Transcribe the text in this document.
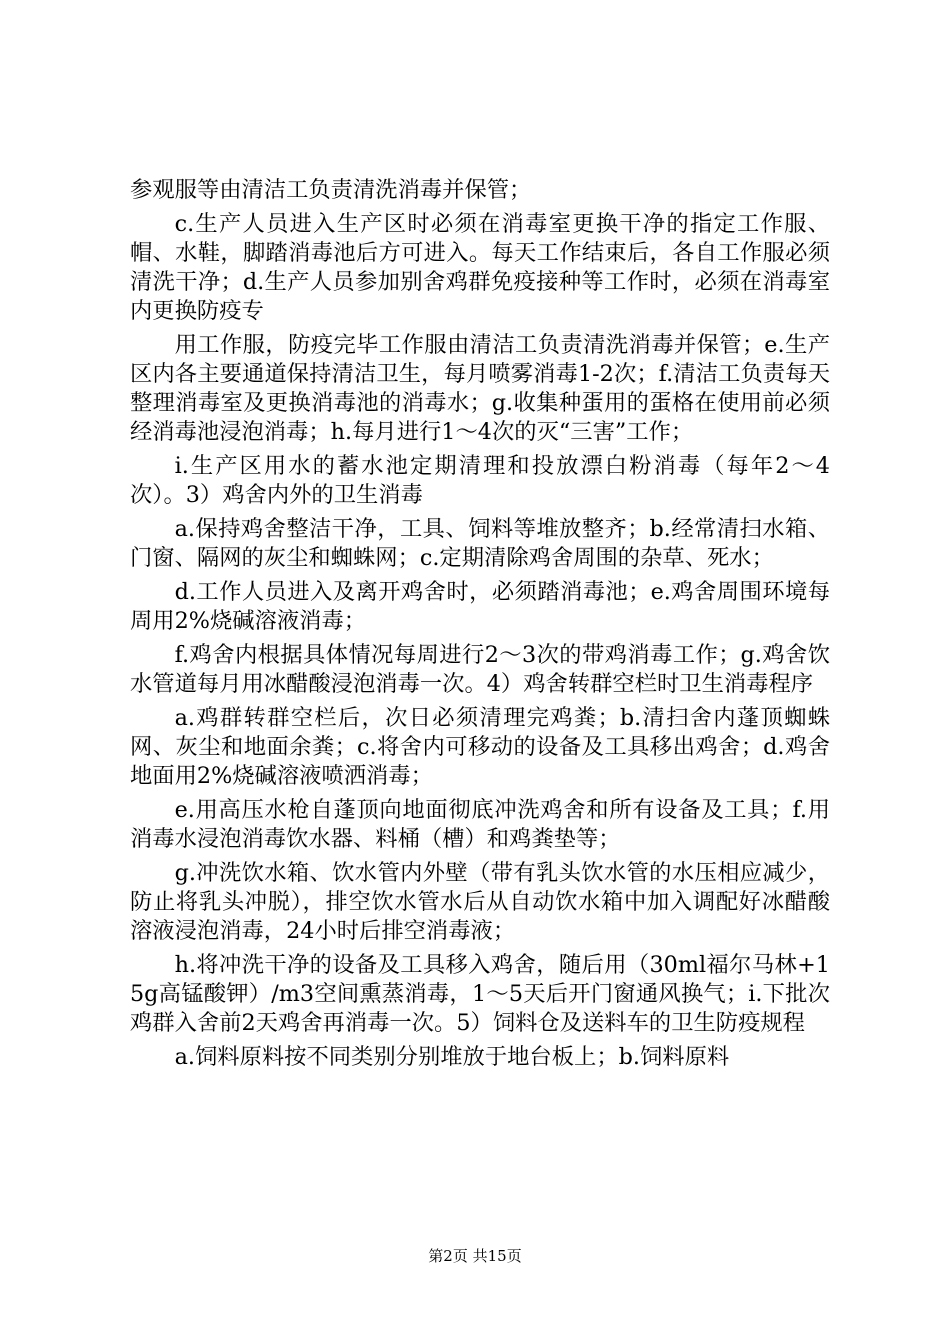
参观服等由清洁工负责清洗消毒并保管；

c.生产人员进入生产区时必须在消毒室更换干净的指定工作服、帽、水鞋，脚踏消毒池后方可进入。每天工作结束后，各自工作服必须清洗干净；d.生产人员参加别舍鸡群免疫接种等工作时，必须在消毒室内更换防疫专

用工作服，防疫完毕工作服由清洁工负责清洗消毒并保管；e.生产区内各主要通道保持清洁卫生，每月喷雾消毒1-2次；f.清洁工负责每天整理消毒室及更换消毒池的消毒水；g.收集种蛋用的蛋格在使用前必须经消毒池浸泡消毒；h.每月进行1～4次的灭“三害”工作；

i.生产区用水的蓄水池定期清理和投放漂白粉消毒（每年2～4次）。3）鸡舍内外的卫生消毒

a.保持鸡舍整洁干净，工具、饲料等堆放整齐；b.经常清扫水箱、门窗、隔网的灰尘和蜘蛛网；c.定期清除鸡舍周围的杂草、死水；

d.工作人员进入及离开鸡舍时，必须踏消毒池；e.鸡舍周围环境每周用2%烧碱溶液消毒；

f.鸡舍内根据具体情况每周进行2～3次的带鸡消毒工作；g.鸡舍饮水管道每月用冰醋酸浸泡消毒一次。4）鸡舍转群空栏时卫生消毒程序

a.鸡群转群空栏后，次日必须清理完鸡粪；b.清扫舍内蓬顶蜘蛛网、灰尘和地面余粪；c.将舍内可移动的设备及工具移出鸡舍；d.鸡舍地面用2%烧碱溶液喷洒消毒；

e.用高压水枪自蓬顶向地面彻底冲洗鸡舍和所有设备及工具；f.用消毒水浸泡消毒饮水器、料桶（槽）和鸡粪垫等；

g.冲洗饮水箱、饮水管内外壁（带有乳头饮水管的水压相应减少，防止将乳头冲脱），排空饮水管水后从自动饮水箱中加入调配好冰醋酸溶液浸泡消毒，24小时后排空消毒液；

h.将冲洗干净的设备及工具移入鸡舍，随后用（30ml福尔马林+15g高锰酸钾）/m3空间熏蒸消毒，1～5天后开门窗通风换气；i.下批次鸡群入舍前2天鸡舍再消毒一次。5）饲料仓及送料车的卫生防疫规程

a.饲料原料按不同类别分别堆放于地台板上；b.饲料原料

第2页 共15页
